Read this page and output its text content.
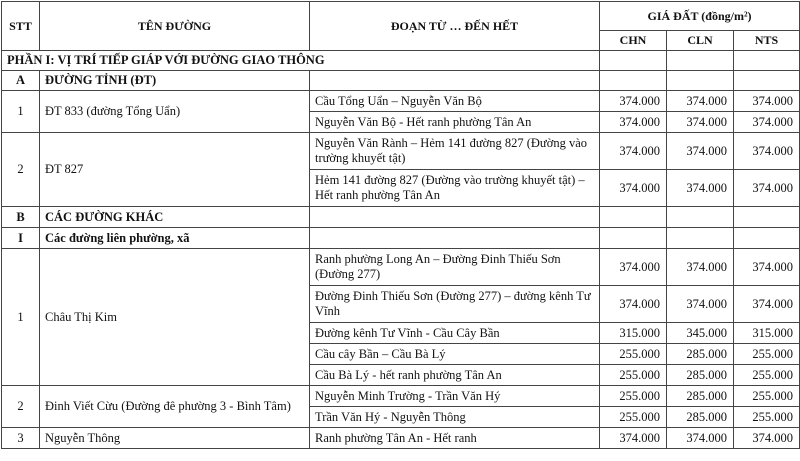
STT	TÊN ĐƯỜNG	ĐOẠN TỪ … ĐẾN HẾT	GIÁ ĐẤT (đồng/m²)		
			CHN	CLN	NTS
PHẦN I: VỊ TRÍ TIẾP GIÁP VỚI ĐƯỜNG GIAO THÔNG					
A	ĐƯỜNG TỈNH (ĐT)				
1	ĐT 833 (đường Tổng Uẩn)	Cầu Tổng Uẩn – Nguyễn Văn Bộ	374.000	374.000	374.000
		Nguyễn Văn Bộ - Hết ranh phường Tân An	374.000	374.000	374.000
2	ĐT 827	Nguyễn Văn Rành – Hẻm 141 đường 827 (Đường vào trường khuyết tật)	374.000	374.000	374.000
		Hẻm 141 đường 827 (Đường vào trường khuyết tật) – Hết ranh phường Tân An	374.000	374.000	374.000
B	CÁC ĐƯỜNG KHÁC				
I	Các đường liên phường, xã				
1	Châu Thị Kim	Ranh phường Long An – Đường Đinh Thiếu Sơn (Đường 277)	374.000	374.000	374.000
		Đường Đinh Thiếu Sơn (Đường 277) – đường kênh Tư Vĩnh	374.000	374.000	374.000
		Đường kênh Tư Vĩnh - Cầu Cây Bần	315.000	345.000	315.000
		Cầu cây Bần – Cầu Bà Lý	255.000	285.000	255.000
		Cầu Bà Lý - hết ranh phường Tân An	255.000	285.000	255.000
2	Đinh Viết Cừu (Đường đê phường 3 - Bình Tâm)	Nguyễn Minh Trường - Trần Văn Hý	255.000	285.000	255.000
		Trần Văn Hý - Nguyễn Thông	255.000	285.000	255.000
3	Nguyễn Thông	Ranh phường Tân An - Hết ranh	374.000	374.000	374.000
